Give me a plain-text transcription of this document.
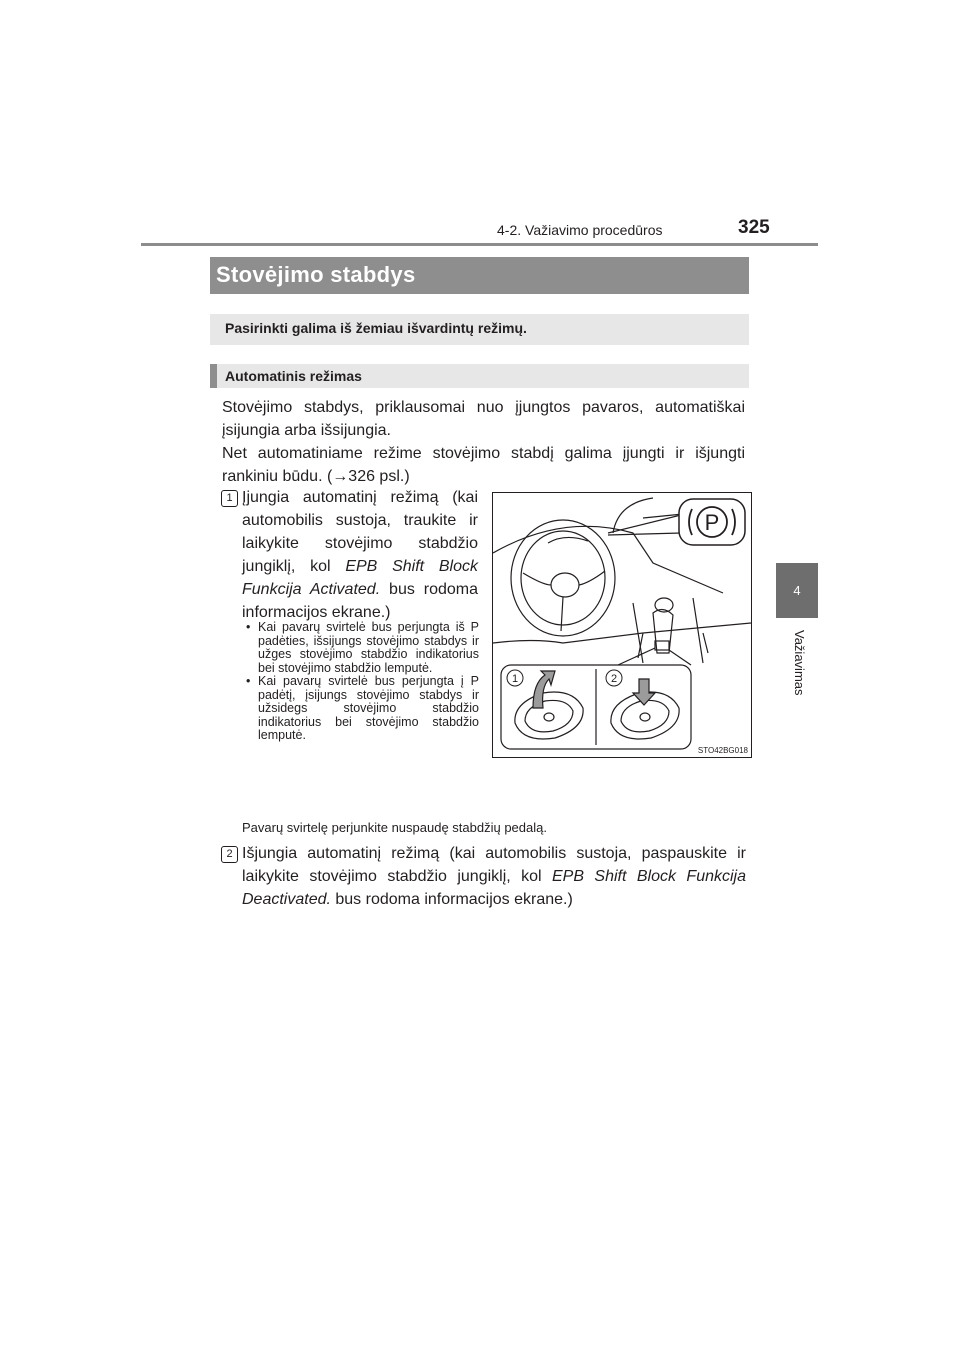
4-2. Važiavimo procedūros	325
4
Važiavimas
Stovėjimo stabdys
Pasirinkti galima iš žemiau išvardintų režimų.
Automatinis režimas

Stovėjimo stabdys, priklausomai nuo įjungtos pavaros, automatiškai įsijungia arba išsijungia.

Net automatiniame režime stovėjimo stabdį galima įjungti ir išjungti rankiniu būdu. (→326 psl.)

1 Įjungia automatinį režimą (kai automobilis sustoja, traukite ir laikykite stovėjimo stabdžio jungiklį, kol EPB Shift Block Funkcija Activated. bus rodoma informacijos ekrane.)
• Kai pavarų svirtelė bus perjungta iš P padėties, išsijungs stovėjimo stabdys ir užges stovėjimo stabdžio indikatorius bei stovėjimo stabdžio lemputė.
• Kai pavarų svirtelė bus perjungta į P padėtį, įsijungs stovėjimo stabdys ir užsidegs stovėjimo stabdžio indikatorius bei stovėjimo stabdžio lemputė.
Pavarų svirtelę perjunkite nuspaudę stabdžių pedalą.
2 Išjungia automatinį režimą (kai automobilis sustoja, paspauskite ir laikykite stovėjimo stabdžio jungiklį, kol EPB Shift Block Funkcija Deactivated. bus rodoma informacijos ekrane.)
P
1	2
STO42BG018
